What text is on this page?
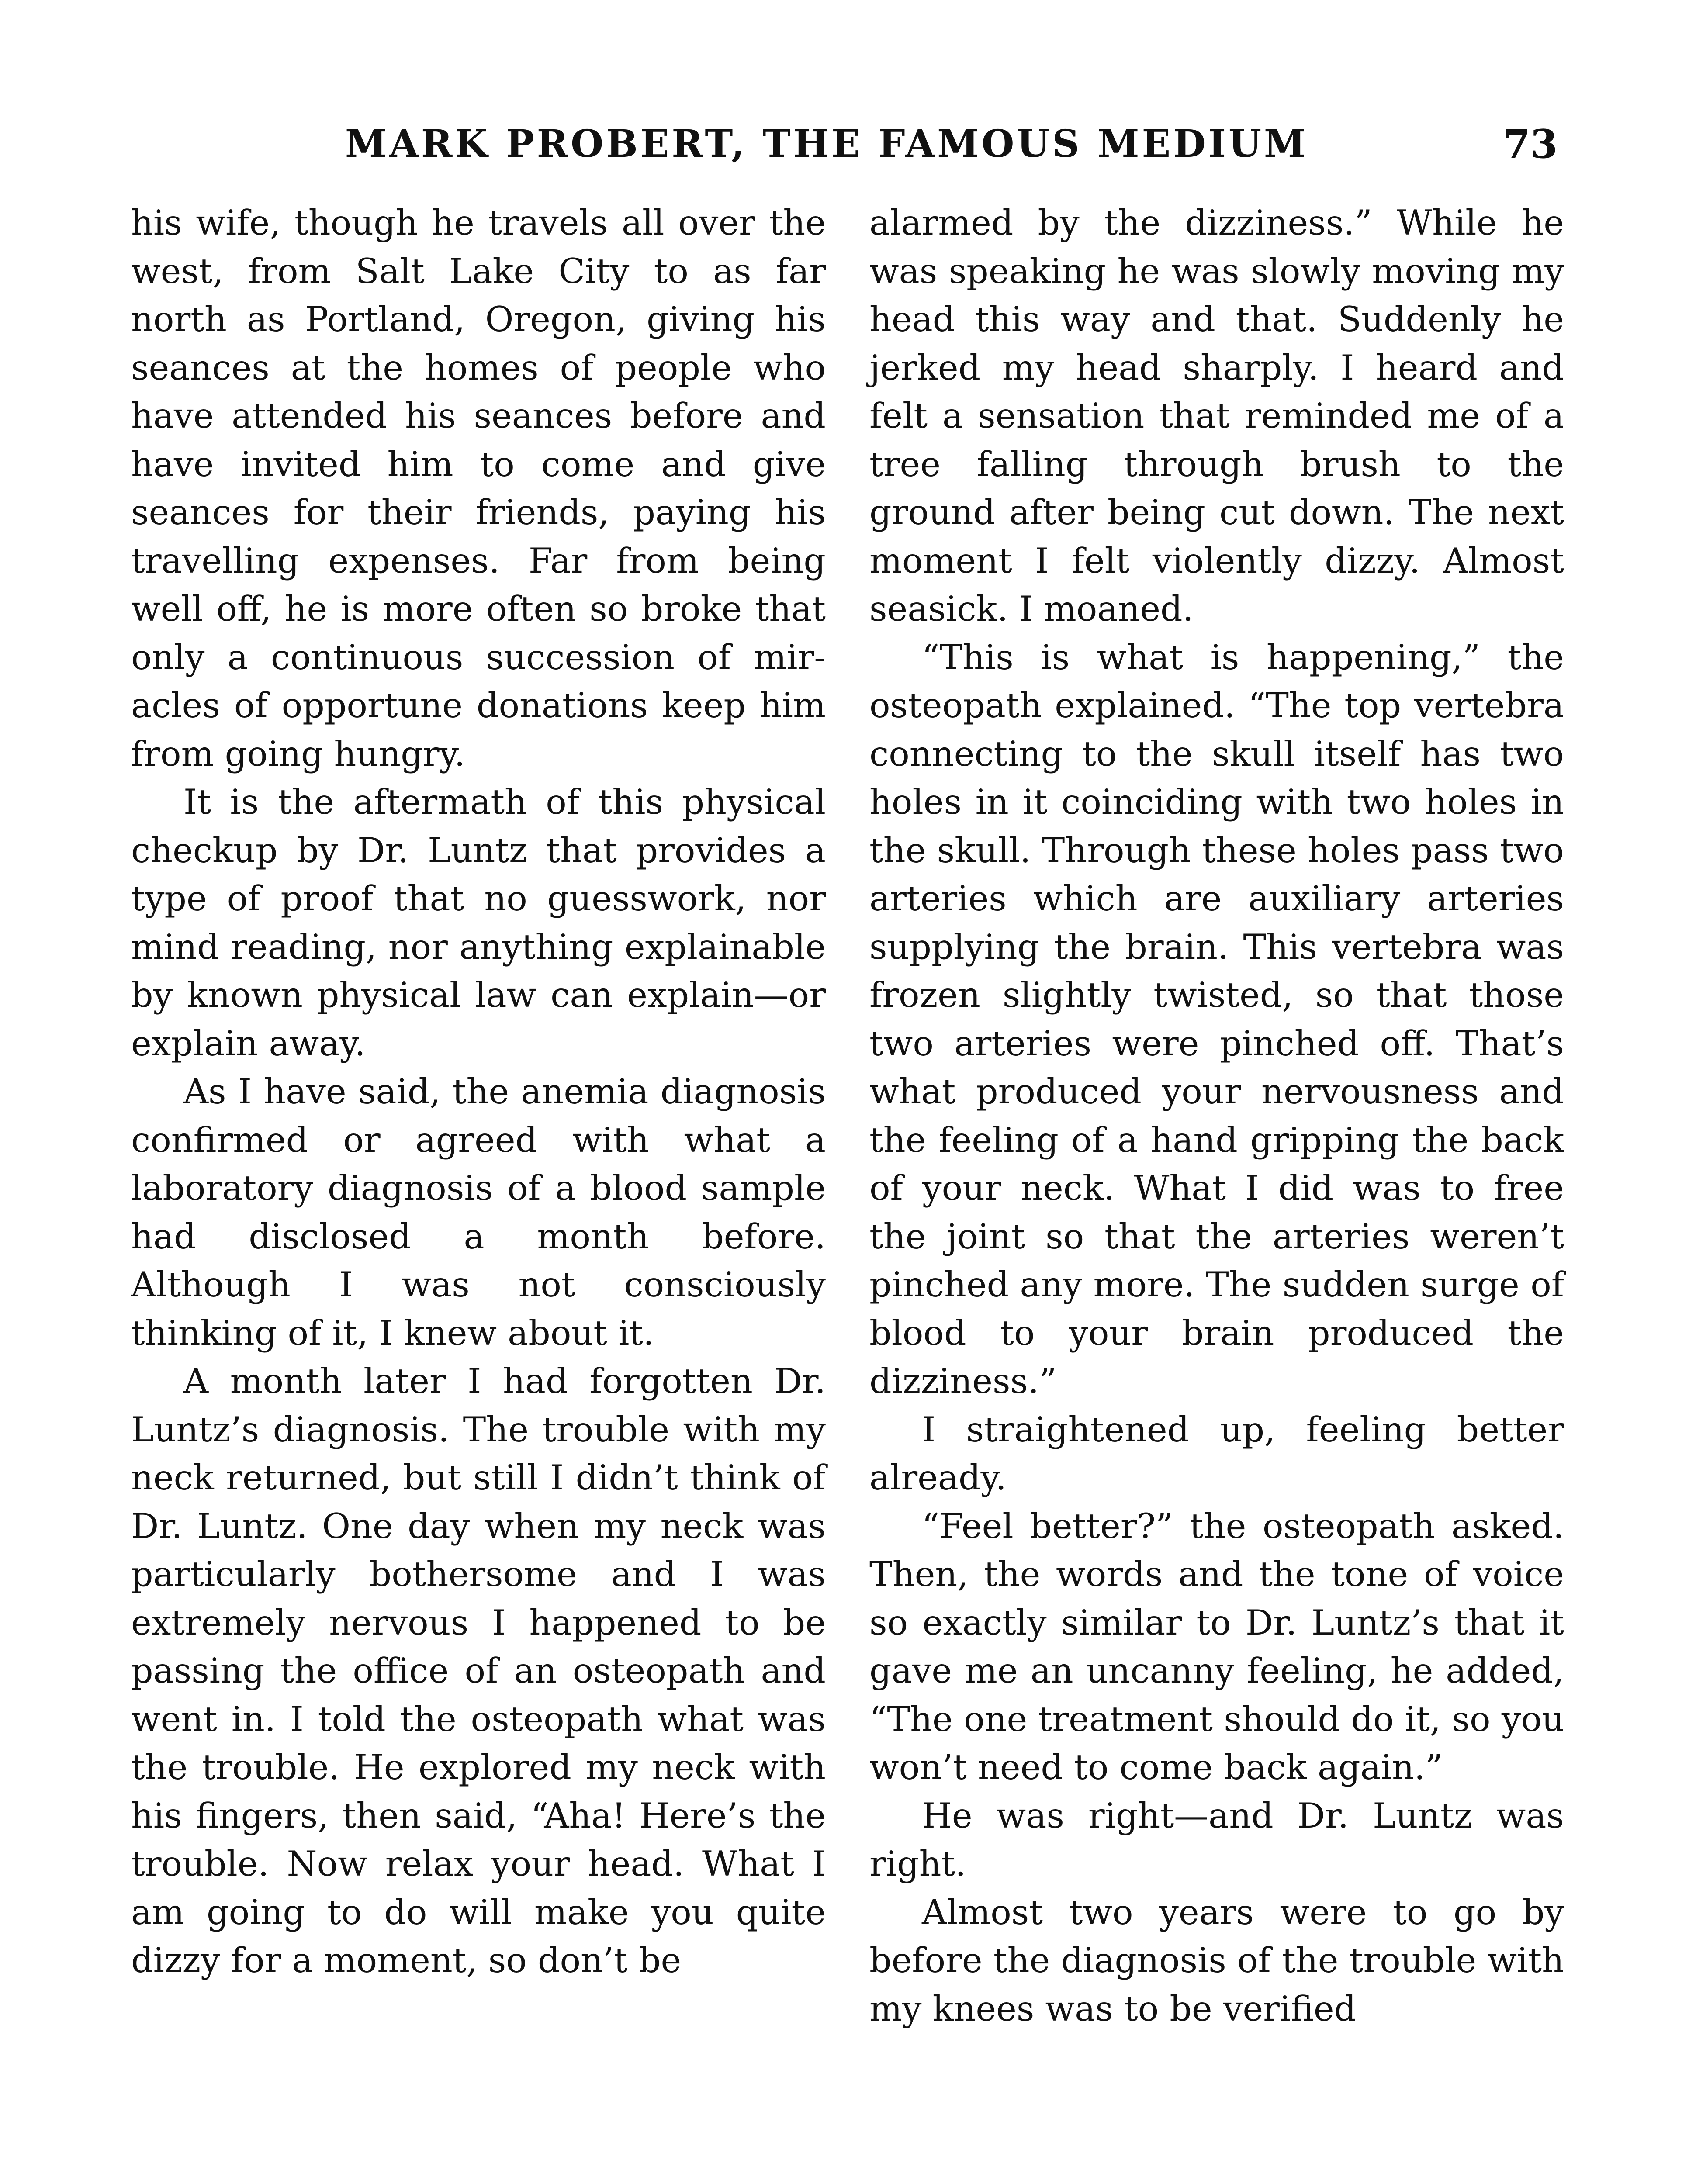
MARK PROBERT, THE FAMOUS MEDIUM	73

his wife, though he travels all over the west, from Salt Lake City to as far north as Portland, Oregon, giving his seances at the homes of people who have attended his seances before and have invited him to come and give seances for their friends, paying his travelling expenses. Far from being well off, he is more often so broke that only a continuous succession of miracles of opportune donations keep him from going hungry.

It is the aftermath of this physical checkup by Dr. Luntz that provides a type of proof that no guesswork, nor mind reading, nor anything explainable by known physical law can explain—or explain away.

As I have said, the anemia diagnosis confirmed or agreed with what a laboratory diagnosis of a blood sample had disclosed a month before. Although I was not consciously thinking of it, I knew about it.

A month later I had forgotten Dr. Luntz’s diagnosis. The trouble with my neck returned, but still I didn’t think of Dr. Luntz. One day when my neck was particularly bothersome and I was extremely nervous I happened to be passing the office of an osteopath and went in. I told the osteopath what was the trouble. He explored my neck with his fingers, then said, “Aha! Here’s the trouble. Now relax your head. What I am going to do will make you quite dizzy for a moment, so don’t be

alarmed by the dizziness.” While he was speaking he was slowly moving my head this way and that. Suddenly he jerked my head sharply. I heard and felt a sensation that reminded me of a tree falling through brush to the ground after being cut down. The next moment I felt violently dizzy. Almost seasick. I moaned.

“This is what is happening,” the osteopath explained. “The top vertebra connecting to the skull itself has two holes in it coinciding with two holes in the skull. Through these holes pass two arteries which are auxiliary arteries supplying the brain. This vertebra was frozen slightly twisted, so that those two arteries were pinched off. That’s what produced your nervousness and the feeling of a hand gripping the back of your neck. What I did was to free the joint so that the arteries weren’t pinched any more. The sudden surge of blood to your brain produced the dizziness.”

I straightened up, feeling better already.

“Feel better?” the osteopath asked. Then, the words and the tone of voice so exactly similar to Dr. Luntz’s that it gave me an uncanny feeling, he added, “The one treatment should do it, so you won’t need to come back again.”

He was right—and Dr. Luntz was right.

Almost two years were to go by before the diagnosis of the trouble with my knees was to be verified
